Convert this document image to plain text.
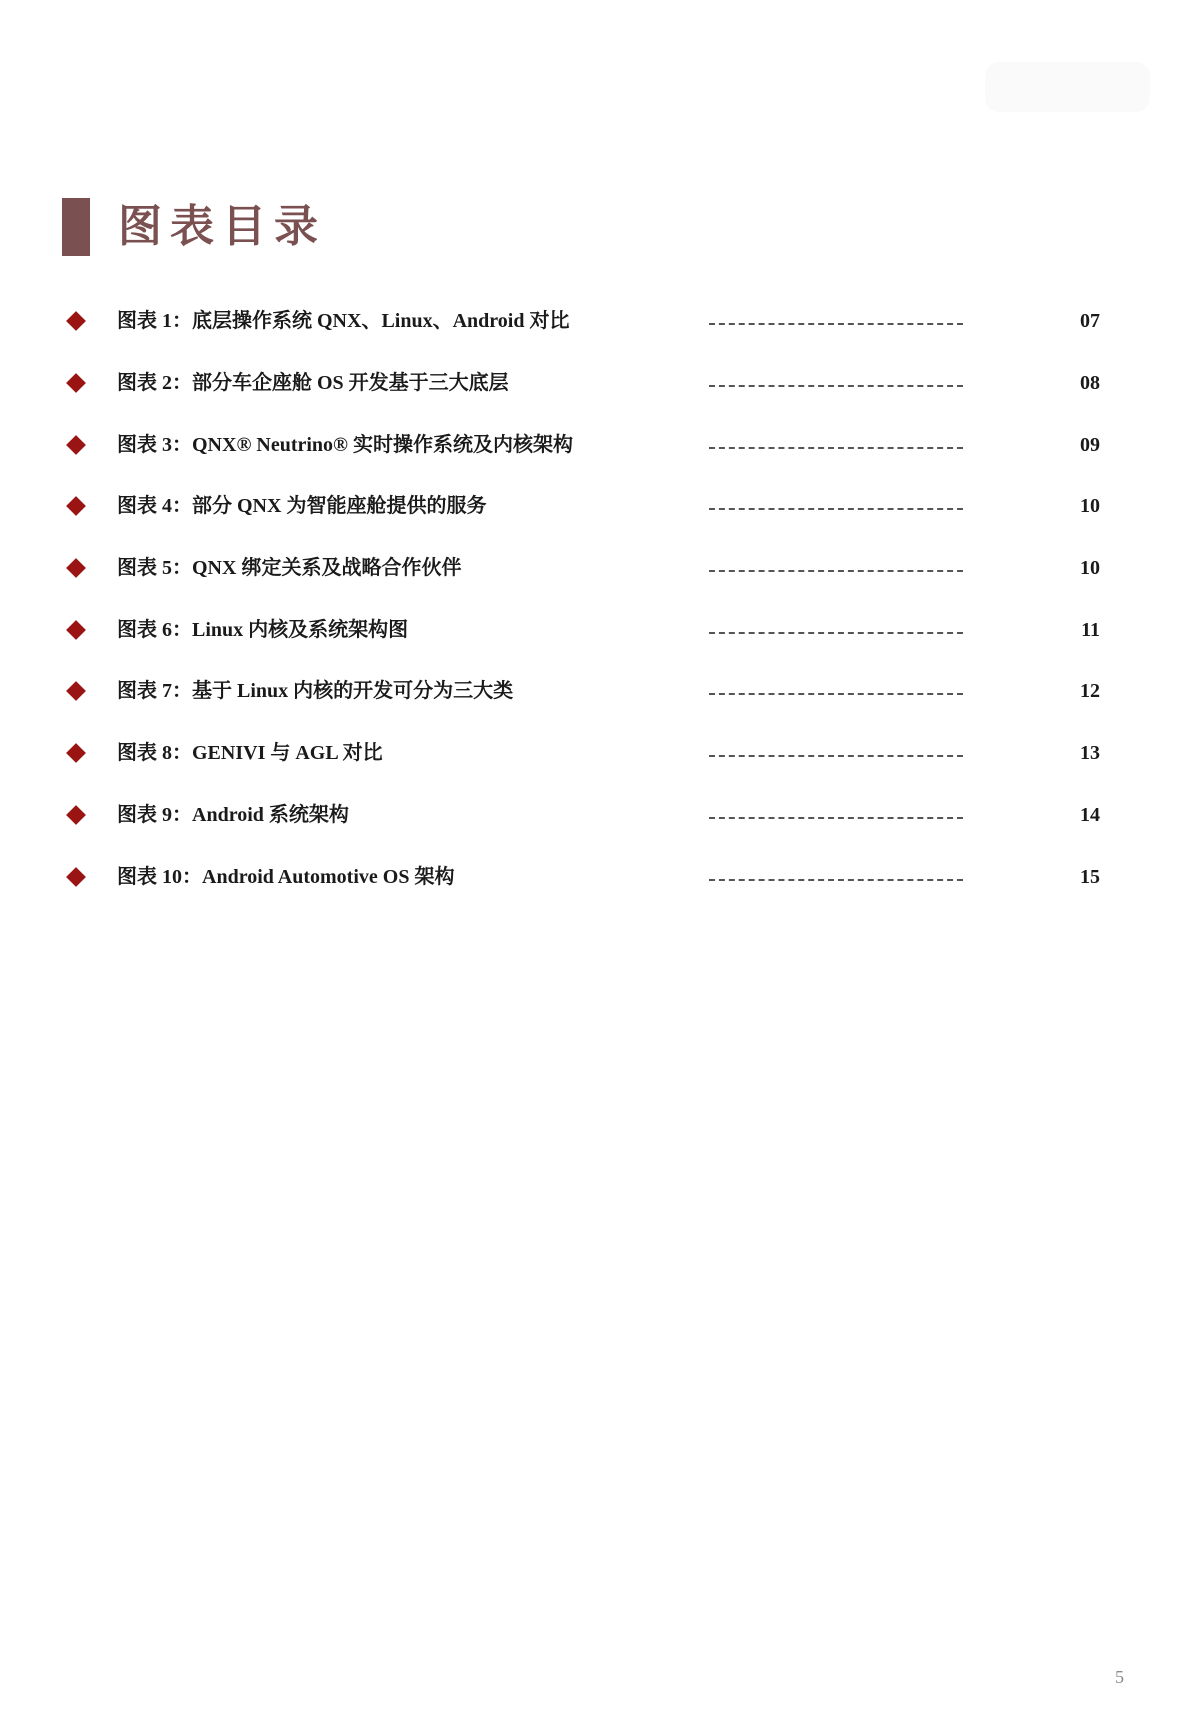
图表目录
图表 1：底层操作系统 QNX、Linux、Android 对比	07
图表 2：部分车企座舱 OS 开发基于三大底层	08
图表 3：QNX® Neutrino® 实时操作系统及内核架构	09
图表 4：部分 QNX 为智能座舱提供的服务	10
图表 5：QNX 绑定关系及战略合作伙伴	10
图表 6：Linux 内核及系统架构图	11
图表 7：基于 Linux 内核的开发可分为三大类	12
图表 8：GENIVI 与 AGL 对比	13
图表 9：Android 系统架构	14
图表 10：Android Automotive OS 架构	15
5
